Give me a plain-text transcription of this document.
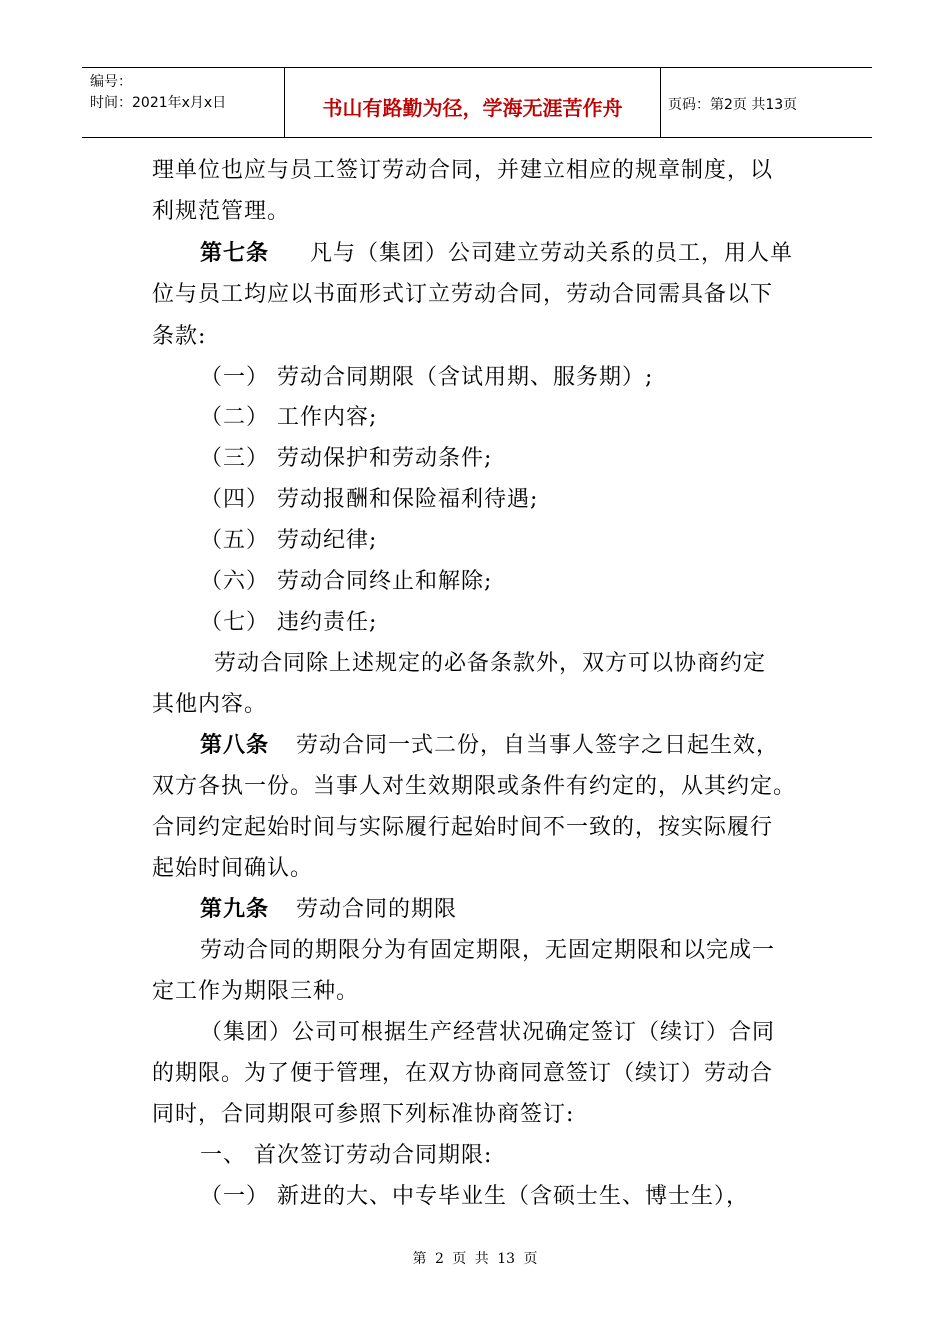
编号：
时间：2021年x月x日	书山有路勤为径，学海无涯苦作舟	页码：第2页 共13页
理单位也应与员工签订劳动合同，并建立相应的规章制度，以
利规范管理。
第七条 凡与（集团）公司建立劳动关系的员工，用人单
位与员工均应以书面形式订立劳动合同，劳动合同需具备以下
条款:
（一） 劳动合同期限（含试用期、服务期）;
（二） 工作内容;
（三） 劳动保护和劳动条件;
（四） 劳动报酬和保险福利待遇;
（五） 劳动纪律;
（六） 劳动合同终止和解除;
（七） 违约责任;
劳动合同除上述规定的必备条款外，双方可以协商约定
其他内容。
第八条 劳动合同一式二份，自当事人签字之日起生效，
双方各执一份。当事人对生效期限或条件有约定的，从其约定。
合同约定起始时间与实际履行起始时间不一致的，按实际履行
起始时间确认。
第九条 劳动合同的期限
劳动合同的期限分为有固定期限，无固定期限和以完成一
定工作为期限三种。
（集团）公司可根据生产经营状况确定签订（续订）合同
的期限。为了便于管理，在双方协商同意签订（续订）劳动合
同时，合同期限可参照下列标准协商签订:
一、 首次签订劳动合同期限:
（一） 新进的大、中专毕业生（含硕士生、博士生），
第 2 页 共 13 页
